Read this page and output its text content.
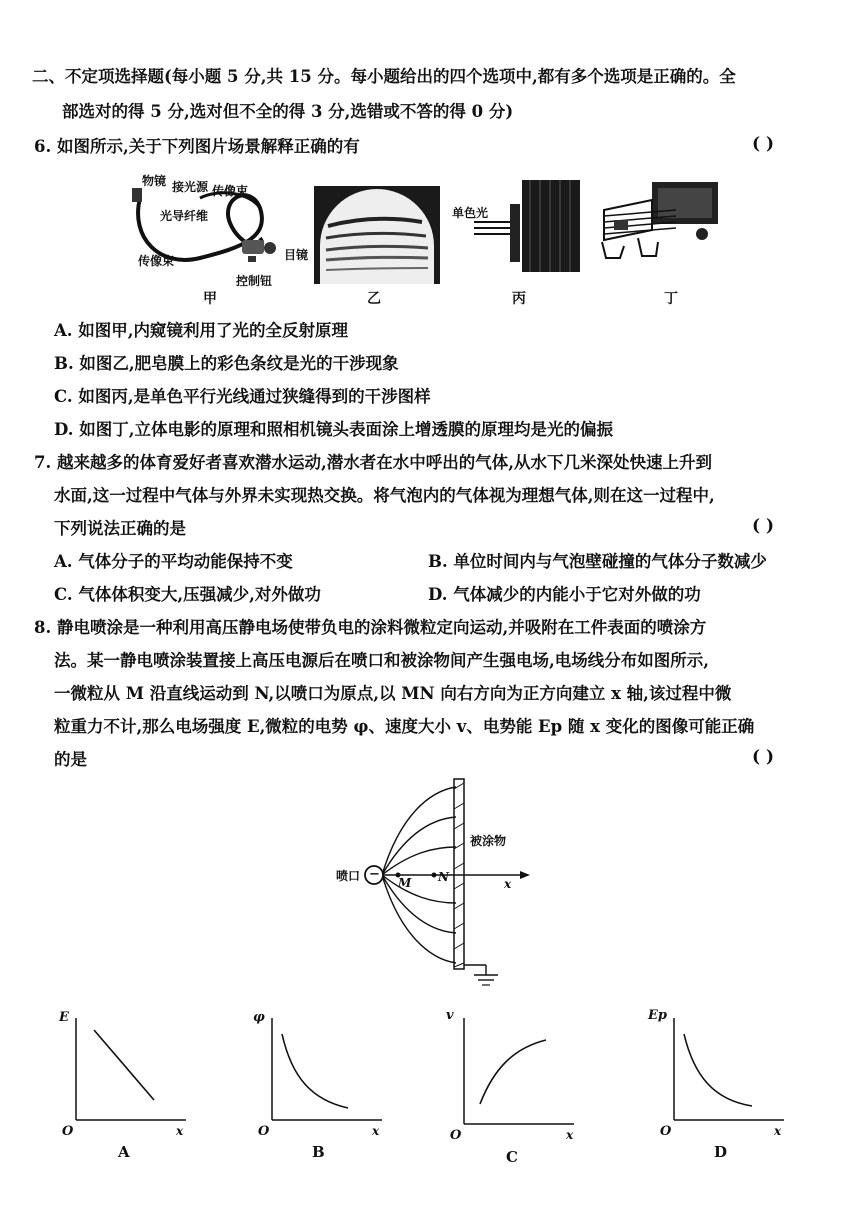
二、不定项选择题(每小题 5 分,共 15 分。每小题给出的四个选项中,都有多个选项是正确的。全
部选对的得 5 分,选对但不全的得 3 分,选错或不答的得 0 分)
6. 如图所示,关于下列图片场景解释正确的有	( )
物镜 接光源 传像束
光导纤维
传像束	目镜
控制钮
甲	乙
单色光
丙	丁
A. 如图甲,内窥镜利用了光的全反射原理
B. 如图乙,肥皂膜上的彩色条纹是光的干涉现象
C. 如图丙,是单色平行光线通过狭缝得到的干涉图样
D. 如图丁,立体电影的原理和照相机镜头表面涂上增透膜的原理均是光的偏振
7. 越来越多的体育爱好者喜欢潜水运动,潜水者在水中呼出的气体,从水下几米深处快速上升到
水面,这一过程中气体与外界未实现热交换。将气泡内的气体视为理想气体,则在这一过程中,
下列说法正确的是	( )
A. 气体分子的平均动能保持不变	B. 单位时间内与气泡壁碰撞的气体分子数减少
C. 气体体积变大,压强减少,对外做功	D. 气体减少的内能小于它对外做的功
8. 静电喷涂是一种利用高压静电场使带负电的涂料微粒定向运动,并吸附在工件表面的喷涂方
法。某一静电喷涂装置接上高压电源后在喷口和被涂物间产生强电场,电场线分布如图所示,
一微粒从 M 沿直线运动到 N,以喷口为原点,以 MN 向右方向为正方向建立 x 轴,该过程中微
粒重力不计,那么电场强度 E,微粒的电势 φ、速度大小 v、电势能 Ep 随 x 变化的图像可能正确
的是	( )
喷口 −
被涂物
M N	x
E
O	x
A
φ
O	x
B
v
O	x
C
Ep
O	x
D
